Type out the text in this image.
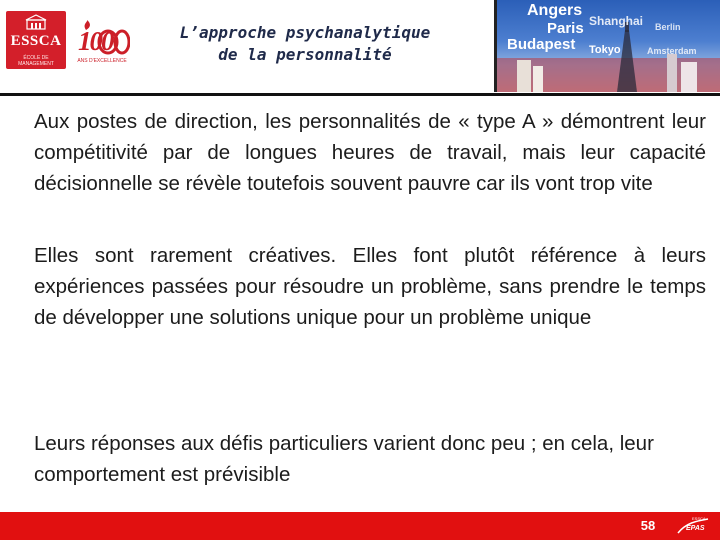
ESSCA
ÉCOLE DE MANAGEMENT
100
ANS D'EXCELLENCE
L’approche psychanalytique
de la personnalité
Angers
Paris Shanghai
Budapest Tokyo
Berlin
Amsterdam

Aux postes de direction, les personnalités de « type A » démontrent leur compétitivité par de longues heures de travail, mais leur capacité décisionnelle se révèle toutefois souvent pauvre car ils vont trop vite

Elles sont rarement créatives. Elles font plutôt référence à leurs expériences passées pour résoudre un problème, sans prendre le temps de développer une solutions unique pour un problème unique

Leurs réponses aux défis particuliers varient donc peu ; en cela, leur comportement est prévisible

58	ESSCA
EPAS
